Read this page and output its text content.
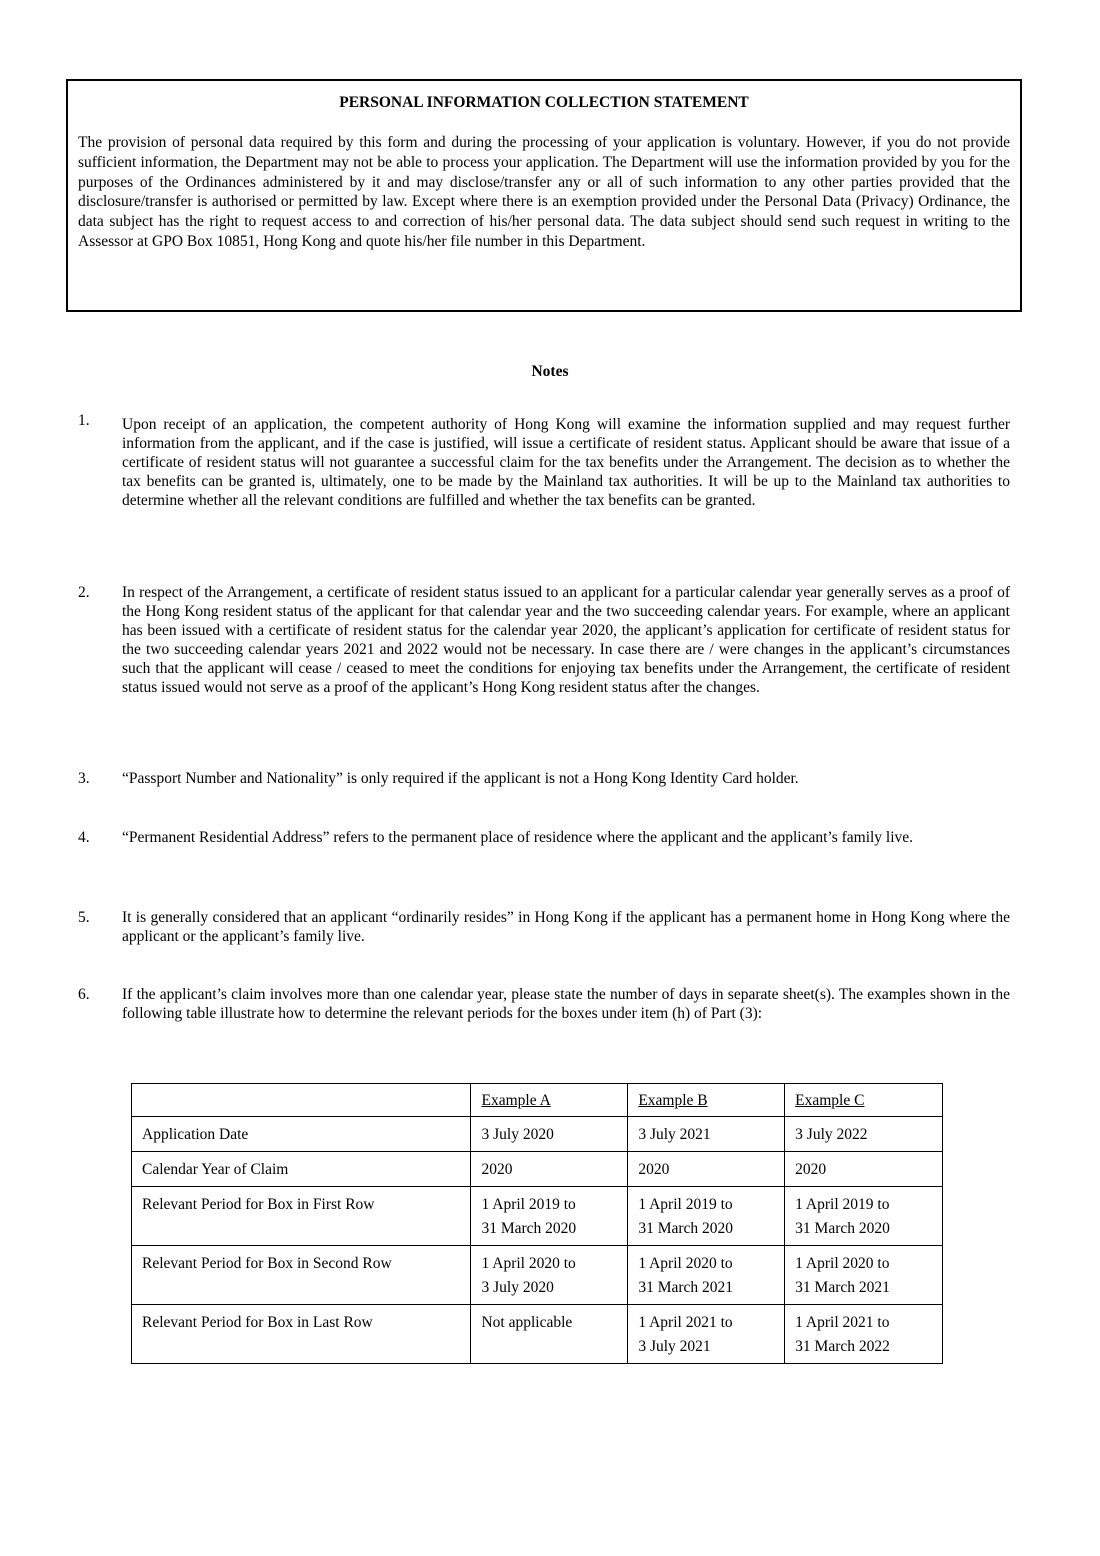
PERSONAL INFORMATION COLLECTION STATEMENT

The provision of personal data required by this form and during the processing of your application is voluntary. However, if you do not provide sufficient information, the Department may not be able to process your application. The Department will use the information provided by you for the purposes of the Ordinances administered by it and may disclose/transfer any or all of such information to any other parties provided that the disclosure/transfer is authorised or permitted by law. Except where there is an exemption provided under the Personal Data (Privacy) Ordinance, the data subject has the right to request access to and correction of his/her personal data. The data subject should send such request in writing to the Assessor at GPO Box 10851, Hong Kong and quote his/her file number in this Department.

Notes

1. Upon receipt of an application, the competent authority of Hong Kong will examine the information supplied and may request further information from the applicant, and if the case is justified, will issue a certificate of resident status. Applicant should be aware that issue of a certificate of resident status will not guarantee a successful claim for the tax benefits under the Arrangement. The decision as to whether the tax benefits can be granted is, ultimately, one to be made by the Mainland tax authorities. It will be up to the Mainland tax authorities to determine whether all the relevant conditions are fulfilled and whether the tax benefits can be granted.

2. In respect of the Arrangement, a certificate of resident status issued to an applicant for a particular calendar year generally serves as a proof of the Hong Kong resident status of the applicant for that calendar year and the two succeeding calendar years. For example, where an applicant has been issued with a certificate of resident status for the calendar year 2020, the applicant’s application for certificate of resident status for the two succeeding calendar years 2021 and 2022 would not be necessary. In case there are / were changes in the applicant’s circumstances such that the applicant will cease / ceased to meet the conditions for enjoying tax benefits under the Arrangement, the certificate of resident status issued would not serve as a proof of the applicant’s Hong Kong resident status after the changes.

3. “Passport Number and Nationality” is only required if the applicant is not a Hong Kong Identity Card holder.

4. “Permanent Residential Address” refers to the permanent place of residence where the applicant and the applicant’s family live.

5. It is generally considered that an applicant “ordinarily resides” in Hong Kong if the applicant has a permanent home in Hong Kong where the applicant or the applicant’s family live.

6. If the applicant’s claim involves more than one calendar year, please state the number of days in separate sheet(s). The examples shown in the following table illustrate how to determine the relevant periods for the boxes under item (h) of Part (3):

	Example A	Example B	Example C
Application Date	3 July 2020	3 July 2021	3 July 2022

Calendar Year of Claim	2020	2020	2020

Relevant Period for Box in First Row	1 April 2019 to
31 March 2020	1 April 2019 to
31 March 2020	1 April 2019 to
31 March 2020

Relevant Period for Box in Second Row	1 April 2020 to
3 July 2020	1 April 2020 to
31 March 2021	1 April 2020 to
31 March 2021

Relevant Period for Box in Last Row	Not applicable	1 April 2021 to
3 July 2021	1 April 2021 to
31 March 2022
